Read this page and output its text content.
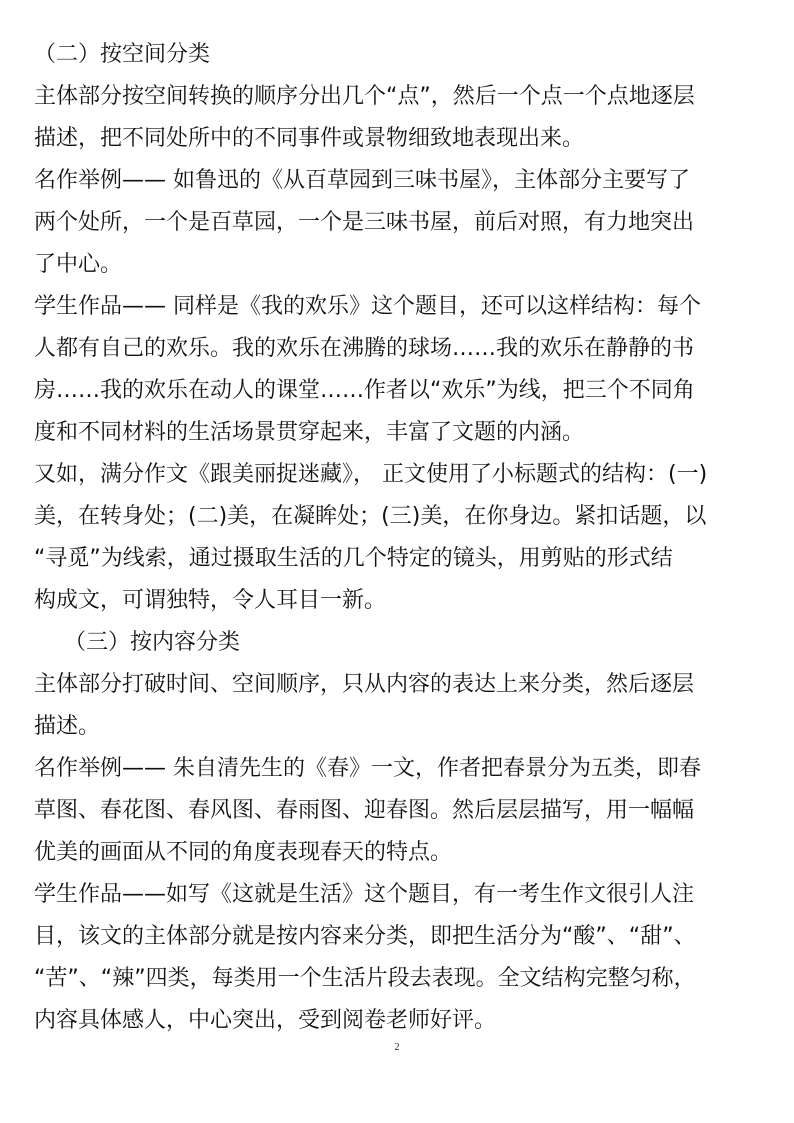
（二）按空间分类
主体部分按空间转换的顺序分出几个“点”，然后一个点一个点地逐层
描述，把不同处所中的不同事件或景物细致地表现出来。
名作举例—— 如鲁迅的《从百草园到三味书屋》，主体部分主要写了
两个处所，一个是百草园，一个是三味书屋，前后对照，有力地突出
了中心。
学生作品—— 同样是《我的欢乐》这个题目，还可以这样结构：每个
人都有自己的欢乐。我的欢乐在沸腾的球场……我的欢乐在静静的书
房……我的欢乐在动人的课堂……作者以“欢乐”为线，把三个不同角
度和不同材料的生活场景贯穿起来，丰富了文题的内涵。
又如，满分作文《跟美丽捉迷藏》， 正文使用了小标题式的结构：(一)
美，在转身处；(二)美，在凝眸处；(三)美，在你身边。紧扣话题，以
“寻觅”为线索，通过摄取生活的几个特定的镜头，用剪贴的形式结
构成文，可谓独特，令人耳目一新。
（三）按内容分类
主体部分打破时间、空间顺序，只从内容的表达上来分类，然后逐层
描述。
名作举例—— 朱自清先生的《春》一文，作者把春景分为五类，即春
草图、春花图、春风图、春雨图、迎春图。然后层层描写，用一幅幅
优美的画面从不同的角度表现春天的特点。
学生作品——如写《这就是生活》这个题目，有一考生作文很引人注
目，该文的主体部分就是按内容来分类，即把生活分为“酸”、“甜”、
“苦”、“辣”四类，每类用一个生活片段去表现。全文结构完整匀称，
内容具体感人，中心突出，受到阅卷老师好评。
2
